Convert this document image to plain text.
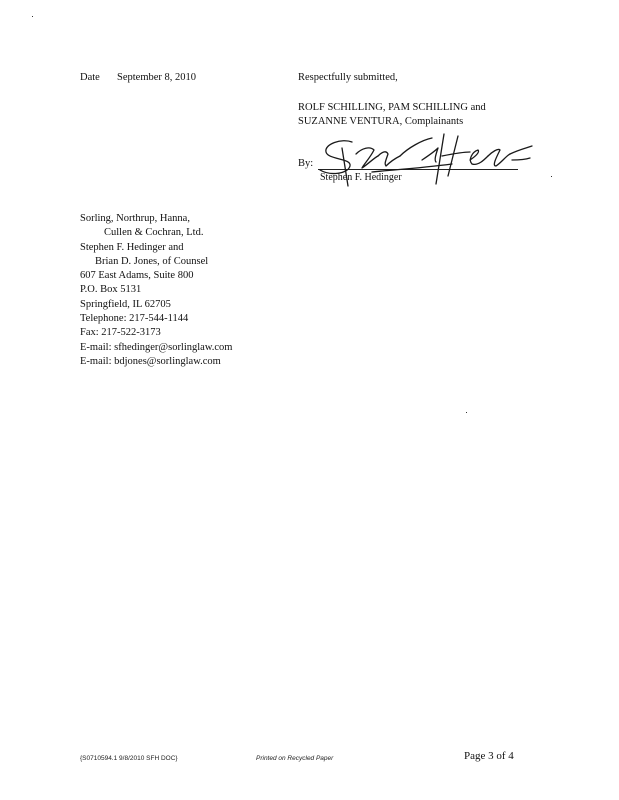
Date September 8, 2010	Respectfully submitted,
ROLF SCHILLING, PAM SCHILLING and
SUZANNE VENTURA, Complainants
By:
Stephen F. Hedinger
Sorling, Northrup, Hanna,
Cullen & Cochran, Ltd.
Stephen F. Hedinger and
Brian D. Jones, of Counsel
607 East Adams, Suite 800
P.O. Box 5131
Springfield, IL 62705
Telephone: 217-544-1144
Fax: 217-522-3173
E-mail: sfhedinger@sorlinglaw.com
E-mail: bdjones@sorlinglaw.com
{S0710594.1 9/8/2010 SFH DOC}	Printed on Recycled Paper	Page 3 of 4
